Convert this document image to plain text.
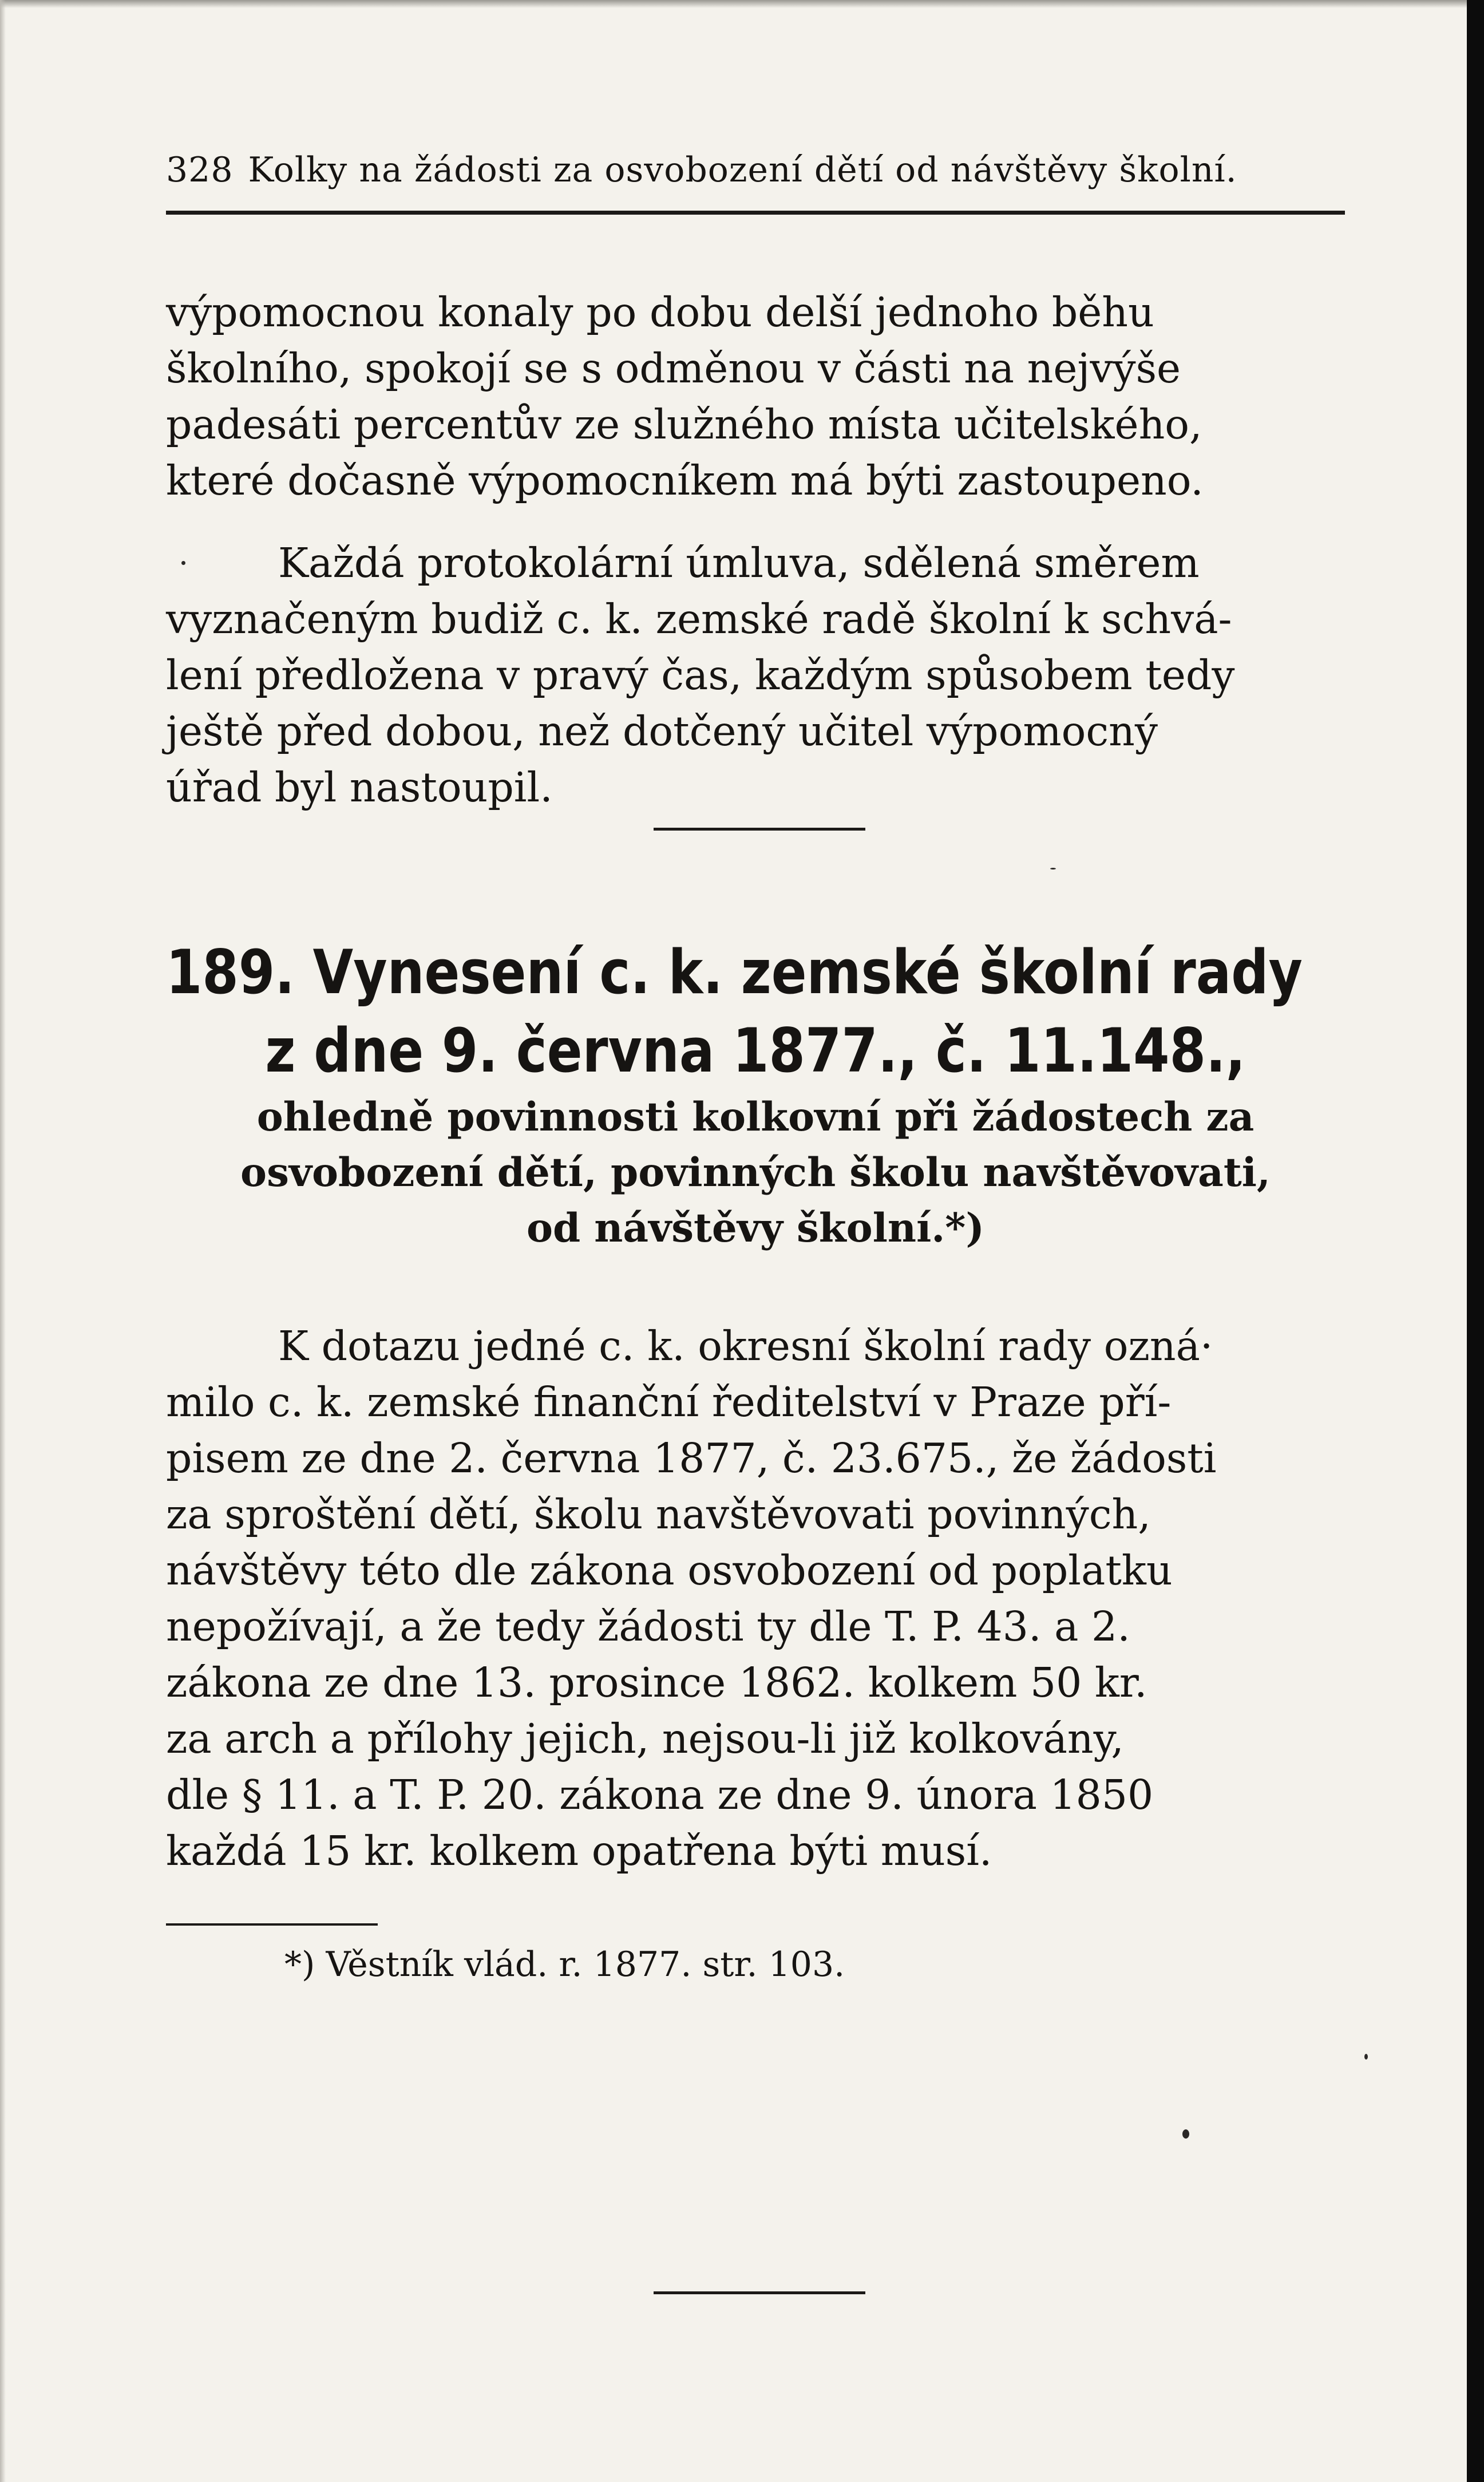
328 Kolky na žádosti za osvobození dětí od návštěvy školní.

výpomocnou konaly po dobu delší jednoho běhu
školního, spokojí se s odměnou v části na nejvýše
padesáti percentův ze služného místa učitelského,
které dočasně výpomocníkem má býti zastoupeno.

Každá protokolární úmluva, sdělená směrem
vyznačeným budiž c. k. zemské radě školní k schvá-
lení předložena v pravý čas, každým spůsobem tedy
ještě před dobou, než dotčený učitel výpomocný
úřad byl nastoupil.

189. Vynesení c. k. zemské školní rady
z dne 9. června 1877., č. 11.148.,

ohledně povinnosti kolkovní při žádostech za
osvobození dětí, povinných školu navštěvovati,
od návštěvy školní.*)

K dotazu jedné c. k. okresní školní rady ozná·
milo c. k. zemské finanční ředitelství v Praze pří-
pisem ze dne 2. června 1877, č. 23.675., že žádosti
za sproštění dětí, školu navštěvovati povinných,
návštěvy této dle zákona osvobození od poplatku
nepožívají, a že tedy žádosti ty dle T. P. 43. a 2.
zákona ze dne 13. prosince 1862. kolkem 50 kr.
za arch a přílohy jejich, nejsou-li již kolkovány,
dle § 11. a T. P. 20. zákona ze dne 9. února 1850
každá 15 kr. kolkem opatřena býti musí.

*) Věstník vlád. r. 1877. str. 103.
